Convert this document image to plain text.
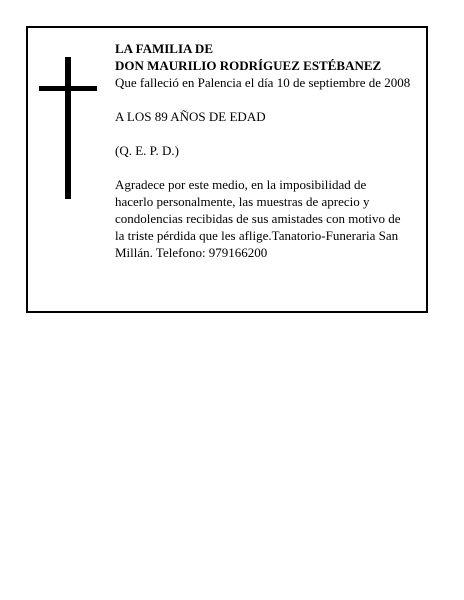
LA FAMILIA DE
DON MAURILIO RODRÍGUEZ ESTÉBANEZ
Que falleció en Palencia el día 10 de septiembre de 2008
A LOS 89 AÑOS DE EDAD
(Q. E. P. D.)
Agradece por este medio, en la imposibilidad de
hacerlo personalmente, las muestras de aprecio y
condolencias recibidas de sus amistades con motivo de
la triste pérdida que les aflige.Tanatorio-Funeraria San
Millán. Telefono: 979166200
